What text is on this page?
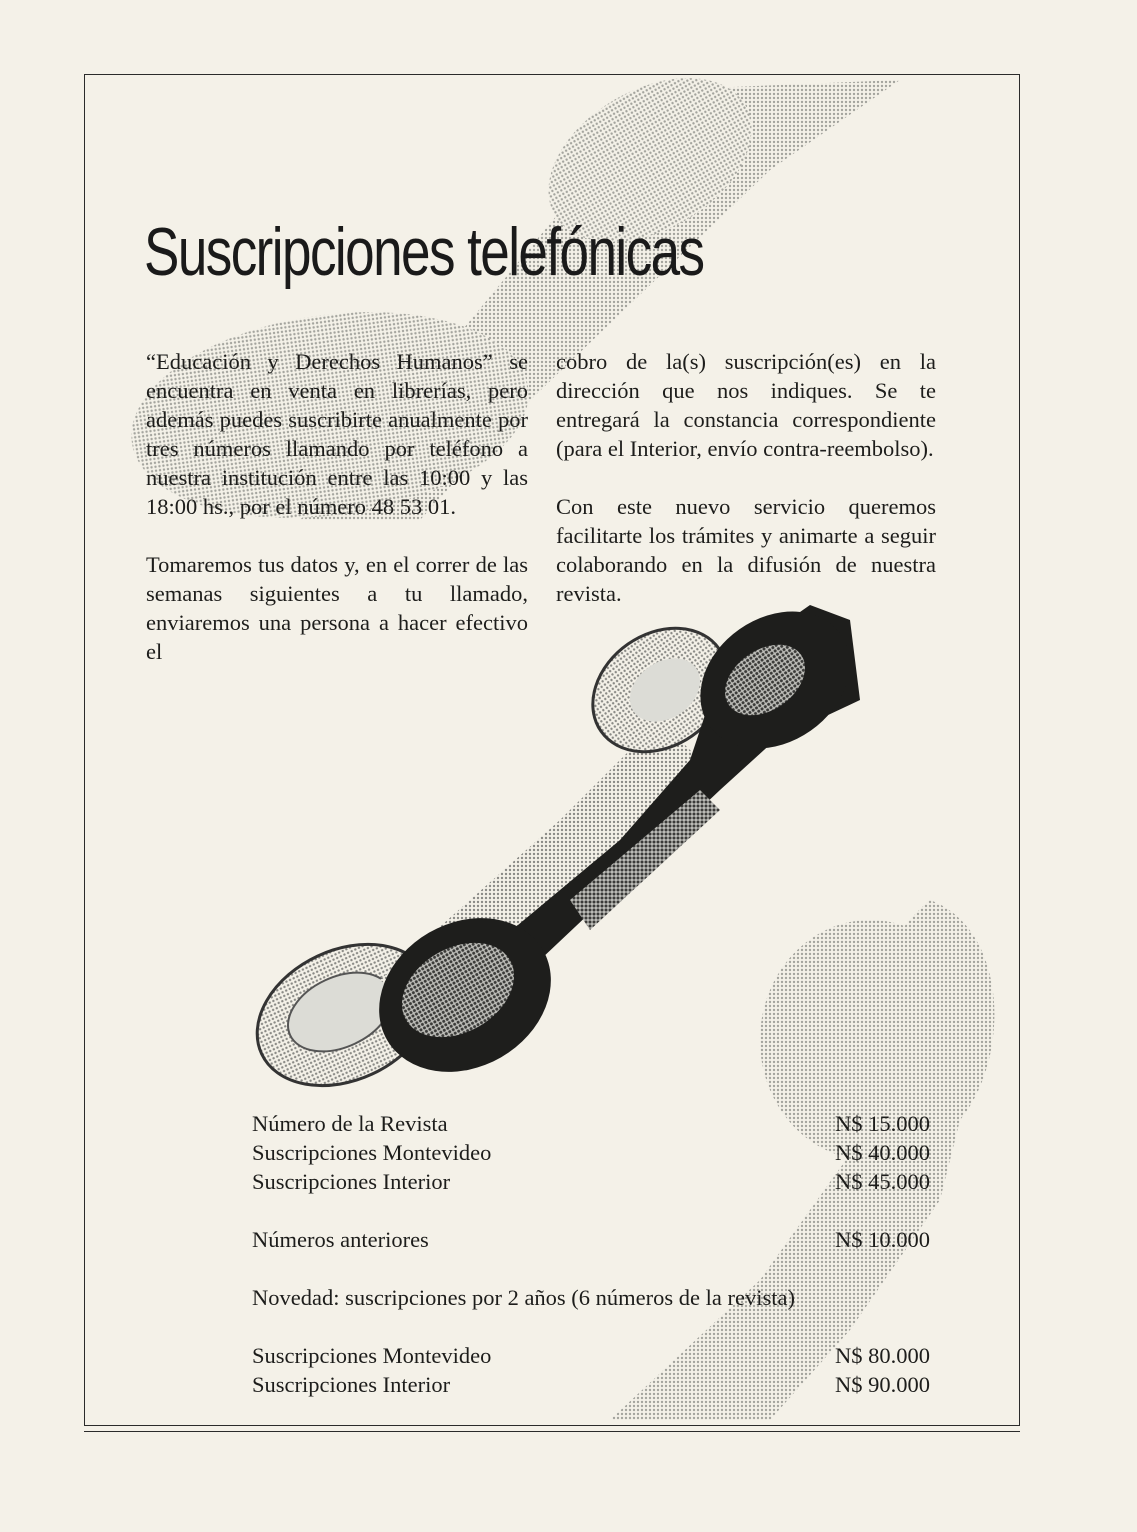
Suscripciones telefónicas

“Educación y Derechos Humanos” se encuentra en venta en librerías, pero además puedes suscribirte anualmente por tres números llamando por teléfono a nuestra institución entre las 10:00 y las 18:00 hs., por el número 48 53 01.

Tomaremos tus datos y, en el correr de las semanas siguientes a tu llamado, enviaremos una persona a hacer efectivo el

cobro de la(s) suscripción(es) en la dirección que nos indiques. Se te entregará la constancia correspondiente (para el Interior, envío contra-reembolso).

Con este nuevo servicio queremos facilitarte los trámites y animarte a seguir colaborando en la difusión de nuestra revista.

Número de la Revista	N$ 15.000
Suscripciones Montevideo	N$ 40.000
Suscripciones Interior	N$ 45.000
Números anteriores	N$ 10.000
Novedad: suscripciones por 2 años (6 números de la revista)
Suscripciones Montevideo	N$ 80.000
Suscripciones Interior	N$ 90.000
